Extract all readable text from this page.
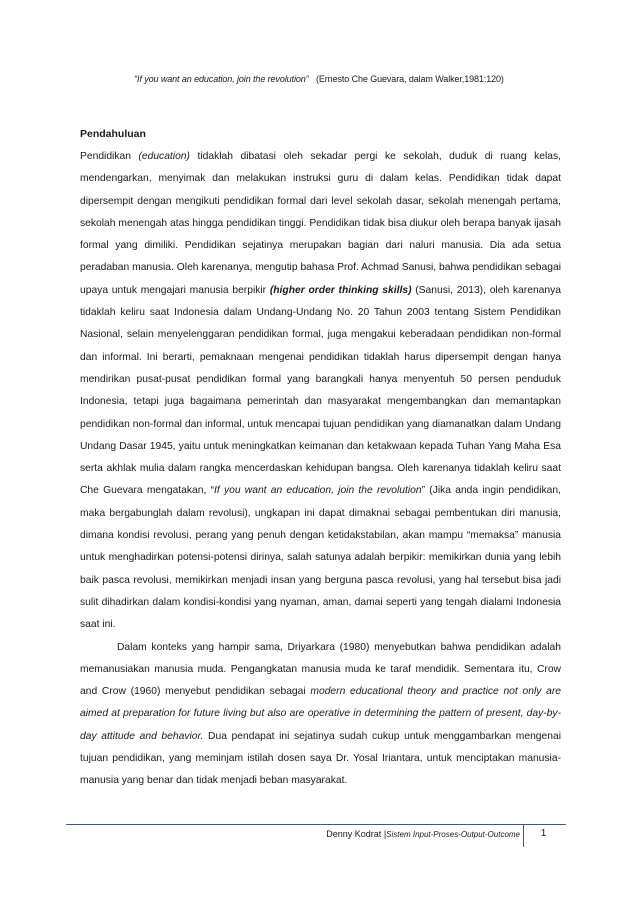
“If you want an education, join the revolution” (Ernesto Che Guevara, dalam Walker,1981:120)
Pendahuluan

Pendidikan (education) tidaklah dibatasi oleh sekadar pergi ke sekolah, duduk di ruang kelas, mendengarkan, menyimak dan melakukan instruksi guru di dalam kelas. Pendidikan tidak dapat dipersempit dengan mengikuti pendidikan formal dari level sekolah dasar, sekolah menengah pertama, sekolah menengah atas hingga pendidikan tinggi. Pendidikan tidak bisa diukur oleh berapa banyak ijasah formal yang dimiliki. Pendidikan sejatinya merupakan bagian dari naluri manusia. Dia ada setua peradaban manusia. Oleh karenanya, mengutip bahasa Prof. Achmad Sanusi, bahwa pendidikan sebagai upaya untuk mengajari manusia berpikir (higher order thinking skills) (Sanusi, 2013), oleh karenanya tidaklah keliru saat Indonesia dalam Undang-Undang No. 20 Tahun 2003 tentang Sistem Pendidikan Nasional, selain menyelenggaran pendidikan formal, juga mengakui keberadaan pendidikan non-formal dan informal. Ini berarti, pemaknaan mengenai pendidikan tidaklah harus dipersempit dengan hanya mendirikan pusat-pusat pendidikan formal yang barangkali hanya menyentuh 50 persen penduduk Indonesia, tetapi juga bagaimana pemerintah dan masyarakat mengembangkan dan memantapkan pendidikan non-formal dan informal, untuk mencapai tujuan pendidikan yang diamanatkan dalam Undang Undang Dasar 1945, yaitu untuk meningkatkan keimanan dan ketakwaan kepada Tuhan Yang Maha Esa serta akhlak mulia dalam rangka mencerdaskan kehidupan bangsa. Oleh karenanya tidaklah keliru saat Che Guevara mengatakan, “If you want an education, join the revolution” (Jika anda ingin pendidikan, maka bergabunglah dalam revolusi), ungkapan ini dapat dimaknai sebagai pembentukan diri manusia, dimana kondisi revolusi, perang yang penuh dengan ketidakstabilan, akan mampu “memaksa” manusia untuk menghadirkan potensi-potensi dirinya, salah satunya adalah berpikir: memikirkan dunia yang lebih baik pasca revolusi, memikirkan menjadi insan yang berguna pasca revolusi, yang hal tersebut bisa jadi sulit dihadirkan dalam kondisi-kondisi yang nyaman, aman, damai seperti yang tengah dialami Indonesia saat ini.

Dalam konteks yang hampir sama, Driyarkara (1980) menyebutkan bahwa pendidikan adalah memanusiakan manusia muda. Pengangkatan manusia muda ke taraf mendidik. Sementara itu, Crow and Crow (1960) menyebut pendidikan sebagai modern educational theory and practice not only are aimed at preparation for future living but also are operative in determining the pattern of present, day-by-day attitude and behavior. Dua pendapat ini sejatinya sudah cukup untuk menggambarkan mengenai tujuan pendidikan, yang meminjam istilah dosen saya Dr. Yosal Iriantara, untuk menciptakan manusia-manusia yang benar dan tidak menjadi beban masyarakat.

Denny Kodrat |Sistem Input-Proses-Output-Outcome	1
